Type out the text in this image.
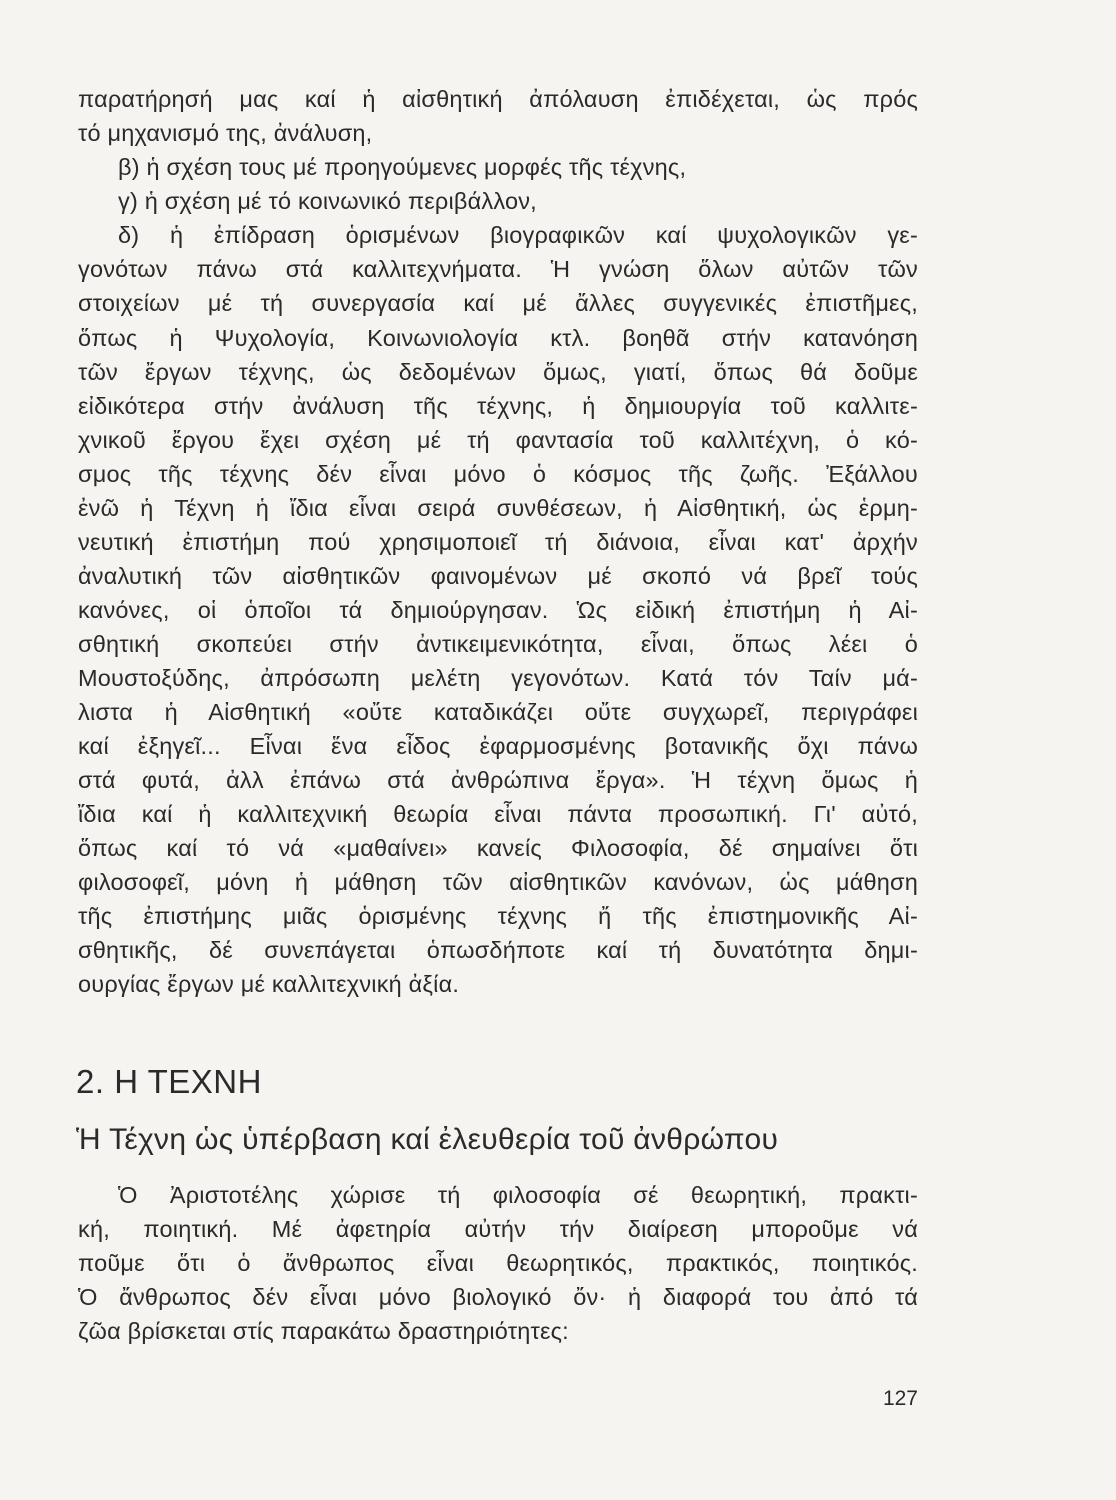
παρατήρησή μας καί ἡ αἰσθητική ἀπόλαυση ἐπιδέχεται, ὡς πρός
τό μηχανισμό της, ἀνάλυση,
β) ἡ σχέση τους μέ προηγούμενες μορφές τῆς τέχνης,
γ) ἡ σχέση μέ τό κοινωνικό περιβάλλον,
δ) ἡ ἐπίδραση ὁρισμένων βιογραφικῶν καί ψυχολογικῶν γε-
γονότων πάνω στά καλλιτεχνήματα. Ἡ γνώση ὅλων αὐτῶν τῶν
στοιχείων μέ τή συνεργασία καί μέ ἄλλες συγγενικές ἐπιστῆμες,
ὅπως ἡ Ψυχολογία, Κοινωνιολογία κτλ. βοηθᾶ στήν κατανόηση
τῶν ἔργων τέχνης, ὡς δεδομένων ὅμως, γιατί, ὅπως θά δοῦμε
εἰδικότερα στήν ἀνάλυση τῆς τέχνης, ἡ δημιουργία τοῦ καλλιτε-
χνικοῦ ἔργου ἔχει σχέση μέ τή φαντασία τοῦ καλλιτέχνη, ὁ κό-
σμος τῆς τέχνης δέν εἶναι μόνο ὁ κόσμος τῆς ζωῆς. Ἐξάλλου
ἐνῶ ἡ Τέχνη ἡ ἴδια εἶναι σειρά συνθέσεων, ἡ Αἰσθητική, ὡς ἑρμη-
νευτική ἐπιστήμη πού χρησιμοποιεῖ τή διάνοια, εἶναι κατ' ἀρχήν
ἀναλυτική τῶν αἰσθητικῶν φαινομένων μέ σκοπό νά βρεῖ τούς
κανόνες, οἱ ὁποῖοι τά δημιούργησαν. Ὡς εἰδική ἐπιστήμη ἡ Αἰ-
σθητική σκοπεύει στήν ἀντικειμενικότητα, εἶναι, ὅπως λέει ὁ
Μουστοξύδης, ἀπρόσωπη μελέτη γεγονότων. Κατά τόν Ταίν μά-
λιστα ἡ Αἰσθητική «οὔτε καταδικάζει οὔτε συγχωρεῖ, περιγράφει
καί ἐξηγεῖ... Εἶναι ἕνα εἶδος ἐφαρμοσμένης βοτανικῆς ὄχι πάνω
στά φυτά, ἀλλ ἐπάνω στά ἀνθρώπινα ἔργα». Ἡ τέχνη ὅμως ἡ
ἴδια καί ἡ καλλιτεχνική θεωρία εἶναι πάντα προσωπική. Γι' αὐτό,
ὅπως καί τό νά «μαθαίνει» κανείς Φιλοσοφία, δέ σημαίνει ὅτι
φιλοσοφεῖ, μόνη ἡ μάθηση τῶν αἰσθητικῶν κανόνων, ὡς μάθηση
τῆς ἐπιστήμης μιᾶς ὁρισμένης τέχνης ἤ τῆς ἐπιστημονικῆς Αἰ-
σθητικῆς, δέ συνεπάγεται ὁπωσδήποτε καί τή δυνατότητα δημι-
ουργίας ἔργων μέ καλλιτεχνική ἀξία.
2. Η ΤΕΧΝΗ
Ἡ Τέχνη ὡς ὑπέρβαση καί ἐλευθερία τοῦ ἀνθρώπου
Ὁ Ἀριστοτέλης χώρισε τή φιλοσοφία σέ θεωρητική, πρακτι-
κή, ποιητική. Μέ ἀφετηρία αὐτήν τήν διαίρεση μποροῦμε νά
ποῦμε ὅτι ὁ ἄνθρωπος εἶναι θεωρητικός, πρακτικός, ποιητικός.
Ὁ ἄνθρωπος δέν εἶναι μόνο βιολογικό ὄν· ἡ διαφορά του ἀπό τά
ζῶα βρίσκεται στίς παρακάτω δραστηριότητες:
127
